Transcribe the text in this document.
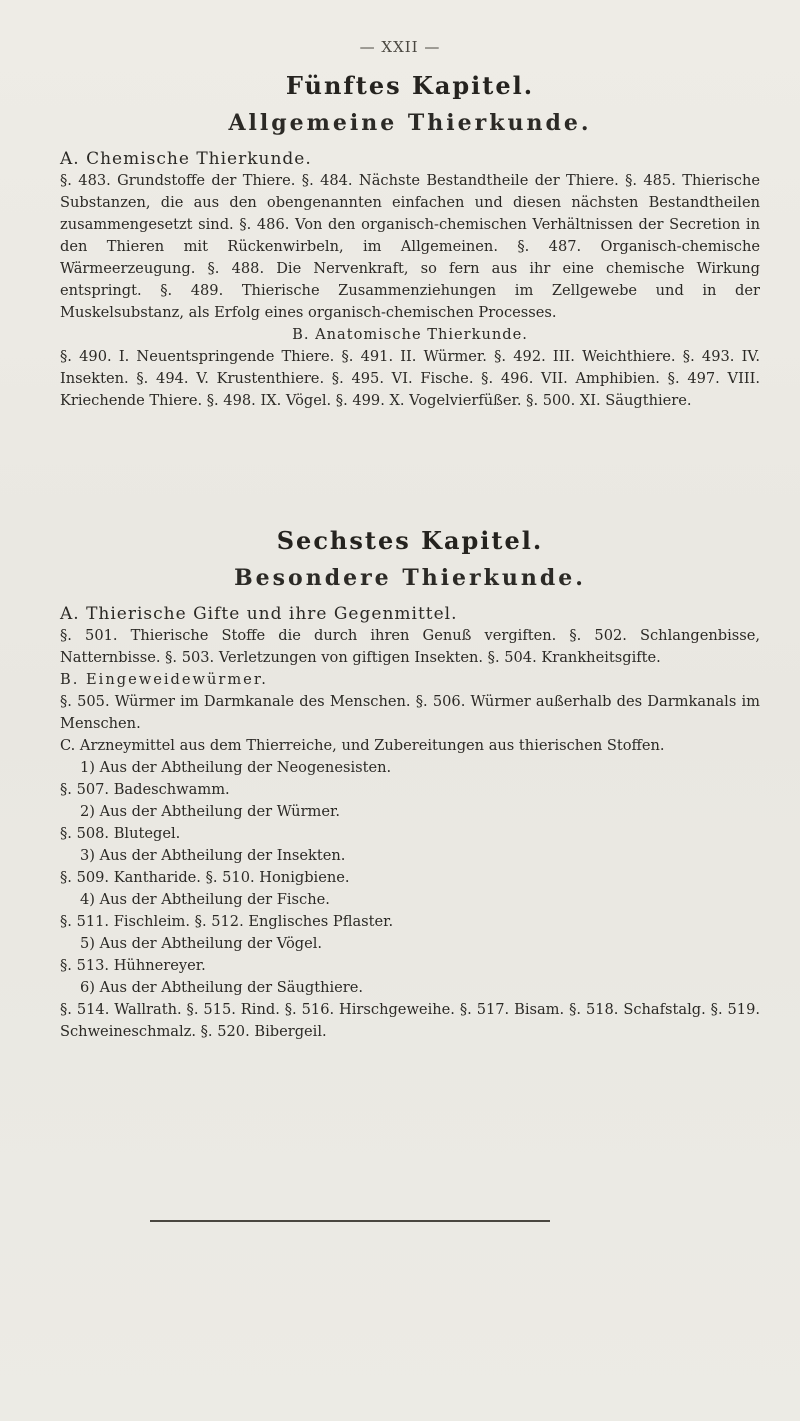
— XXII —
Fünftes Kapitel.
Allgemeine Thierkunde.

A. Chemische Thierkunde.

§. 483. Grundstoffe der Thiere. §. 484. Nächste Bestandtheile der Thiere. §. 485. Thierische Substanzen, die aus den obengenannten einfachen und diesen nächsten Bestandtheilen zusammengesetzt sind. §. 486. Von den organisch-chemischen Verhältnissen der Secretion in den Thieren mit Rückenwirbeln, im Allgemeinen. §. 487. Organisch-chemische Wärmeerzeugung. §. 488. Die Nervenkraft, so fern aus ihr eine chemische Wirkung entspringt. §. 489. Thierische Zusammenziehungen im Zellgewebe und in der Muskelsubstanz, als Erfolg eines organisch-chemischen Processes.

B. Anatomische Thierkunde.

§. 490. I. Neuentspringende Thiere. §. 491. II. Würmer. §. 492. III. Weichthiere. §. 493. IV. Insekten. §. 494. V. Krustenthiere. §. 495. VI. Fische. §. 496. VII. Amphibien. §. 497. VIII. Kriechende Thiere. §. 498. IX. Vögel. §. 499. X. Vogelvierfüßer. §. 500. XI. Säugthiere.

Sechstes Kapitel.
Besondere Thierkunde.

A. Thierische Gifte und ihre Gegenmittel.

§. 501. Thierische Stoffe die durch ihren Genuß vergiften. §. 502. Schlangenbisse, Natternbisse. §. 503. Verletzungen von giftigen Insekten. §. 504. Krankheitsgifte.

B. Eingeweidewürmer.

§. 505. Würmer im Darmkanale des Menschen. §. 506. Würmer außerhalb des Darmkanals im Menschen.

C. Arzneymittel aus dem Thierreiche, und Zubereitungen aus thierischen Stoffen.

1) Aus der Abtheilung der Neogenesisten.

§. 507. Badeschwamm.

2) Aus der Abtheilung der Würmer.

§. 508. Blutegel.

3) Aus der Abtheilung der Insekten.

§. 509. Kantharide. §. 510. Honigbiene.

4) Aus der Abtheilung der Fische.

§. 511. Fischleim. §. 512. Englisches Pflaster.

5) Aus der Abtheilung der Vögel.

§. 513. Hühnereyer.

6) Aus der Abtheilung der Säugthiere.

§. 514. Wallrath. §. 515. Rind. §. 516. Hirschgeweihe. §. 517. Bisam. §. 518. Schafstalg. §. 519. Schweineschmalz. §. 520. Bibergeil.
